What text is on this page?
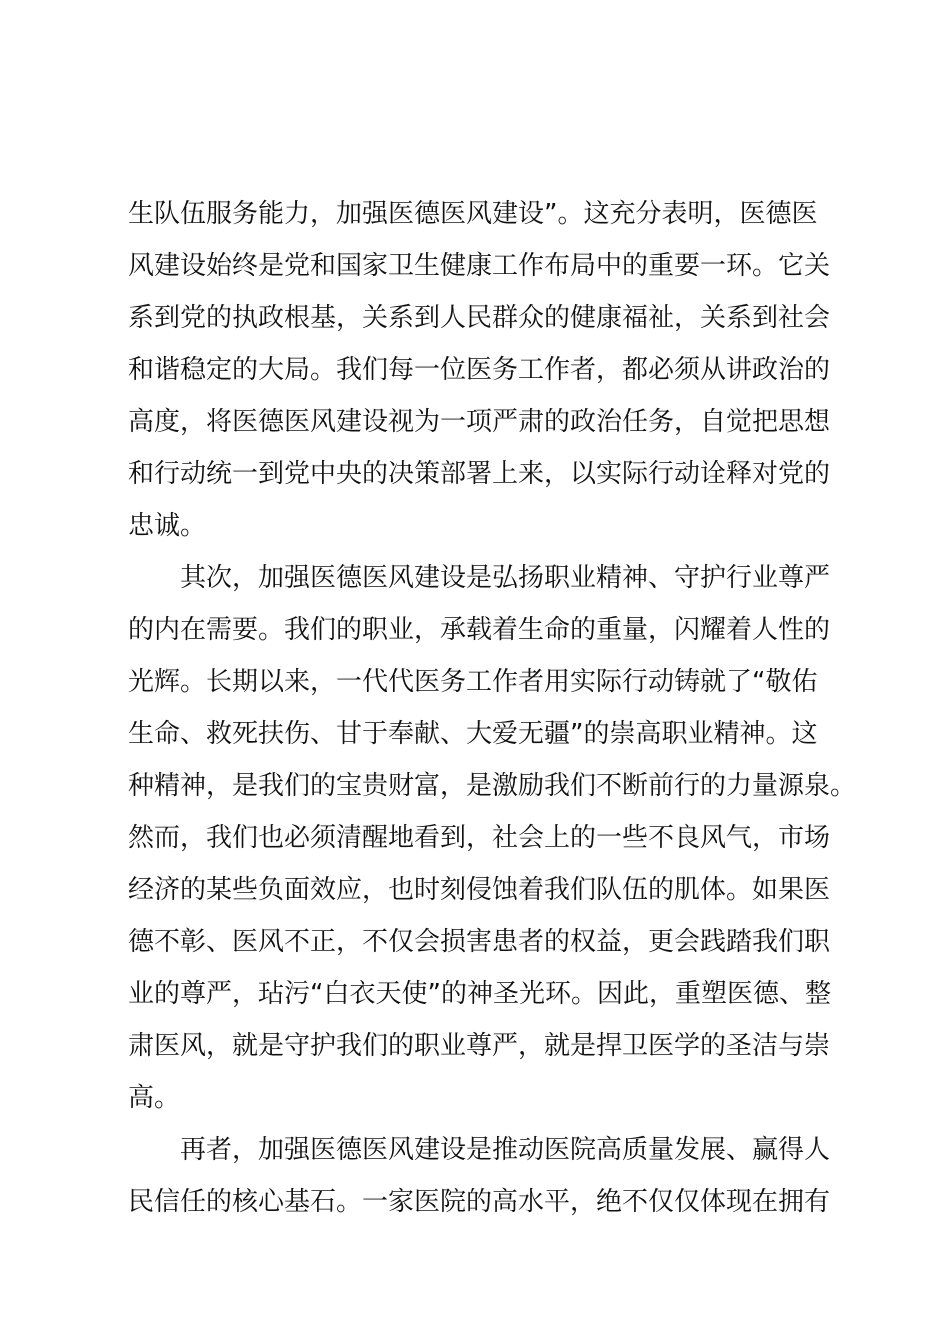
生队伍服务能力，加强医德医风建设”。这充分表明，医德医
风建设始终是党和国家卫生健康工作布局中的重要一环。它关
系到党的执政根基，关系到人民群众的健康福祉，关系到社会
和谐稳定的大局。我们每一位医务工作者，都必须从讲政治的
高度，将医德医风建设视为一项严肃的政治任务，自觉把思想
和行动统一到党中央的决策部署上来，以实际行动诠释对党的
忠诚。
　　其次，加强医德医风建设是弘扬职业精神、守护行业尊严
的内在需要。我们的职业，承载着生命的重量，闪耀着人性的
光辉。长期以来，一代代医务工作者用实际行动铸就了“敬佑
生命、救死扶伤、甘于奉献、大爱无疆”的崇高职业精神。这
种精神，是我们的宝贵财富，是激励我们不断前行的力量源泉。
然而，我们也必须清醒地看到，社会上的一些不良风气，市场
经济的某些负面效应，也时刻侵蚀着我们队伍的肌体。如果医
德不彰、医风不正，不仅会损害患者的权益，更会践踏我们职
业的尊严，玷污“白衣天使”的神圣光环。因此，重塑医德、整
肃医风，就是守护我们的职业尊严，就是捍卫医学的圣洁与崇
高。
　　再者，加强医德医风建设是推动医院高质量发展、赢得人
民信任的核心基石。一家医院的高水平，绝不仅仅体现在拥有
